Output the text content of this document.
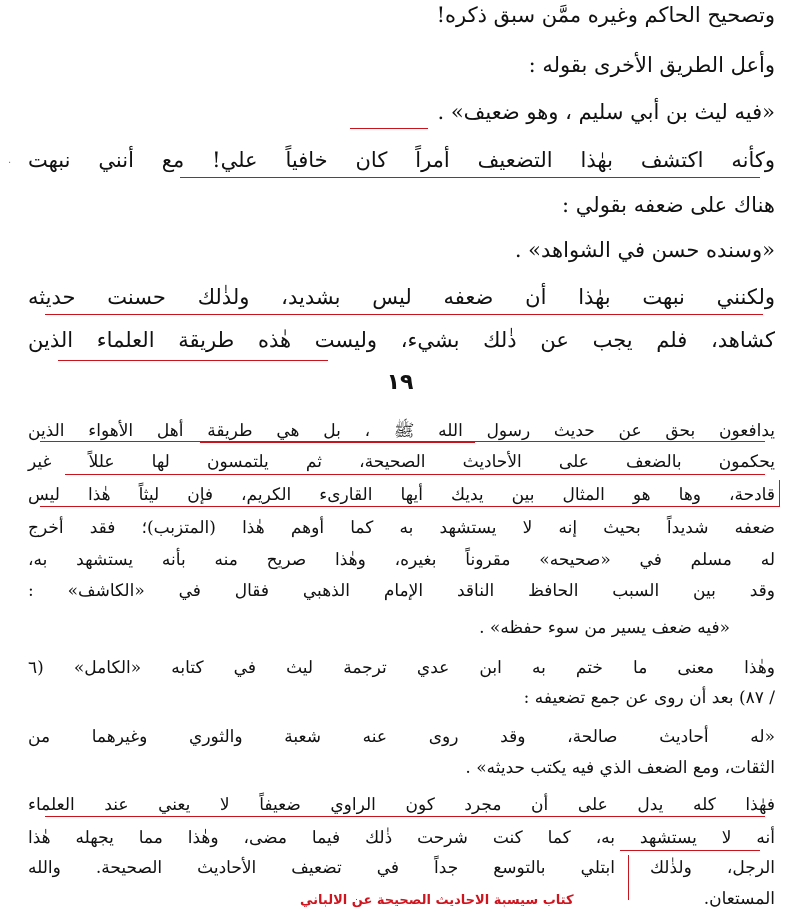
وتصحيح الحاكم وغيره ممَّن سبق ذكره!
وأعل الطريق الأخرى بقوله :
«فيه ليث بن أبي سليم ، وهو ضعيف» .
وكأنه اكتشف بهٰذا التضعيف أمراً كان خافياً علي! مع أنني نبهت
هناك على ضعفه بقولي :
«وسنده حسن في الشواهد» .
ولكنني نبهت بهٰذا أن ضعفه ليس بشديد، ولذٰلك حسنت حديثه
كشاهد، فلم يجب عن ذٰلك بشيء، وليست هٰذه طريقة العلماء الذين
١٩
يدافعون بحق عن حديث رسول الله ﷺ ، بل هي طريقة أهل الأهواء الذين
يحكمون بالضعف على الأحاديث الصحيحة، ثم يلتمسون لها عللاً غير
قادحة، وها هو المثال بين يديك أيها القارىء الكريم، فإن ليثاً هٰذا ليس
ضعفه شديداً بحيث إنه لا يستشهد به كما أوهم هٰذا (المتزبب)؛ فقد أخرج
له مسلم في «صحيحه» مقروناً بغيره، وهٰذا صريح منه بأنه يستشهد به،
وقد بين السبب الحافظ الناقد الإمام الذهبي فقال في «الكاشف» :
«فيه ضعف يسير من سوء حفظه» .
وهٰذا معنى ما ختم به ابن عدي ترجمة ليث في كتابه «الكامل» (٦
/ ٨٧) بعد أن روى عن جمع تضعيفه :
«له أحاديث صالحة، وقد روى عنه شعبة والثوري وغيرهما من
الثقات، ومع الضعف الذي فيه يكتب حديثه» .
فهٰذا كله يدل على أن مجرد كون الراوي ضعيفاً لا يعني عند العلماء
أنه لا يستشهد به، كما كنت شرحت ذٰلك فيما مضى، وهٰذا مما يجهله هٰذا
الرجل، ولذٰلك ابتلي بالتوسع جداً في تضعيف الأحاديث الصحيحة. والله
المستعان.
·
كتاب سيسبة الاحاديث الصحيحة عن الالباني
